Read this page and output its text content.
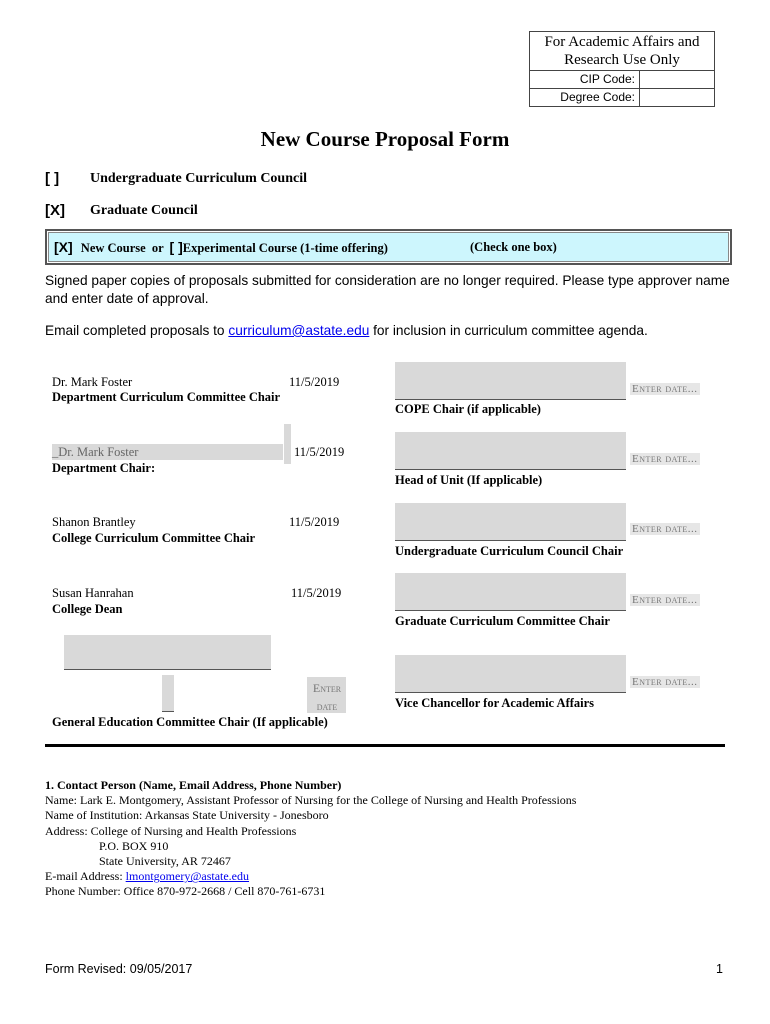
For Academic Affairs and Research Use Only
CIP Code:
Degree Code:
New Course Proposal Form
[ ] Undergraduate Curriculum Council
[X] Graduate Council
[X] New Course or [ ]Experimental Course (1-time offering)	(Check one box)
Signed paper copies of proposals submitted for consideration are no longer required. Please type approver name and enter date of approval.
Email completed proposals to curriculum@astate.edu for inclusion in curriculum committee agenda.
Dr. Mark Foster	11/5/2019
Department Curriculum Committee Chair
_Dr. Mark Foster	11/5/2019
Department Chair:
Shanon Brantley	11/5/2019
College Curriculum Committee Chair
Susan Hanrahan	11/5/2019
College Dean
Enter
date
General Education Committee Chair (If applicable)
Enter date...
COPE Chair (if applicable)
Enter date...
Head of Unit (If applicable)
Enter date...
Undergraduate Curriculum Council Chair
Enter date...
Graduate Curriculum Committee Chair
Enter date...
Vice Chancellor for Academic Affairs
1. Contact Person (Name, Email Address, Phone Number)
Name: Lark E. Montgomery, Assistant Professor of Nursing for the College of Nursing and Health Professions
Name of Institution: Arkansas State University - Jonesboro
Address: College of Nursing and Health Professions
P.O. BOX 910
State University, AR 72467
E-mail Address: lmontgomery@astate.edu
Phone Number: Office 870-972-2668 / Cell 870-761-6731
Form Revised: 09/05/2017	1
